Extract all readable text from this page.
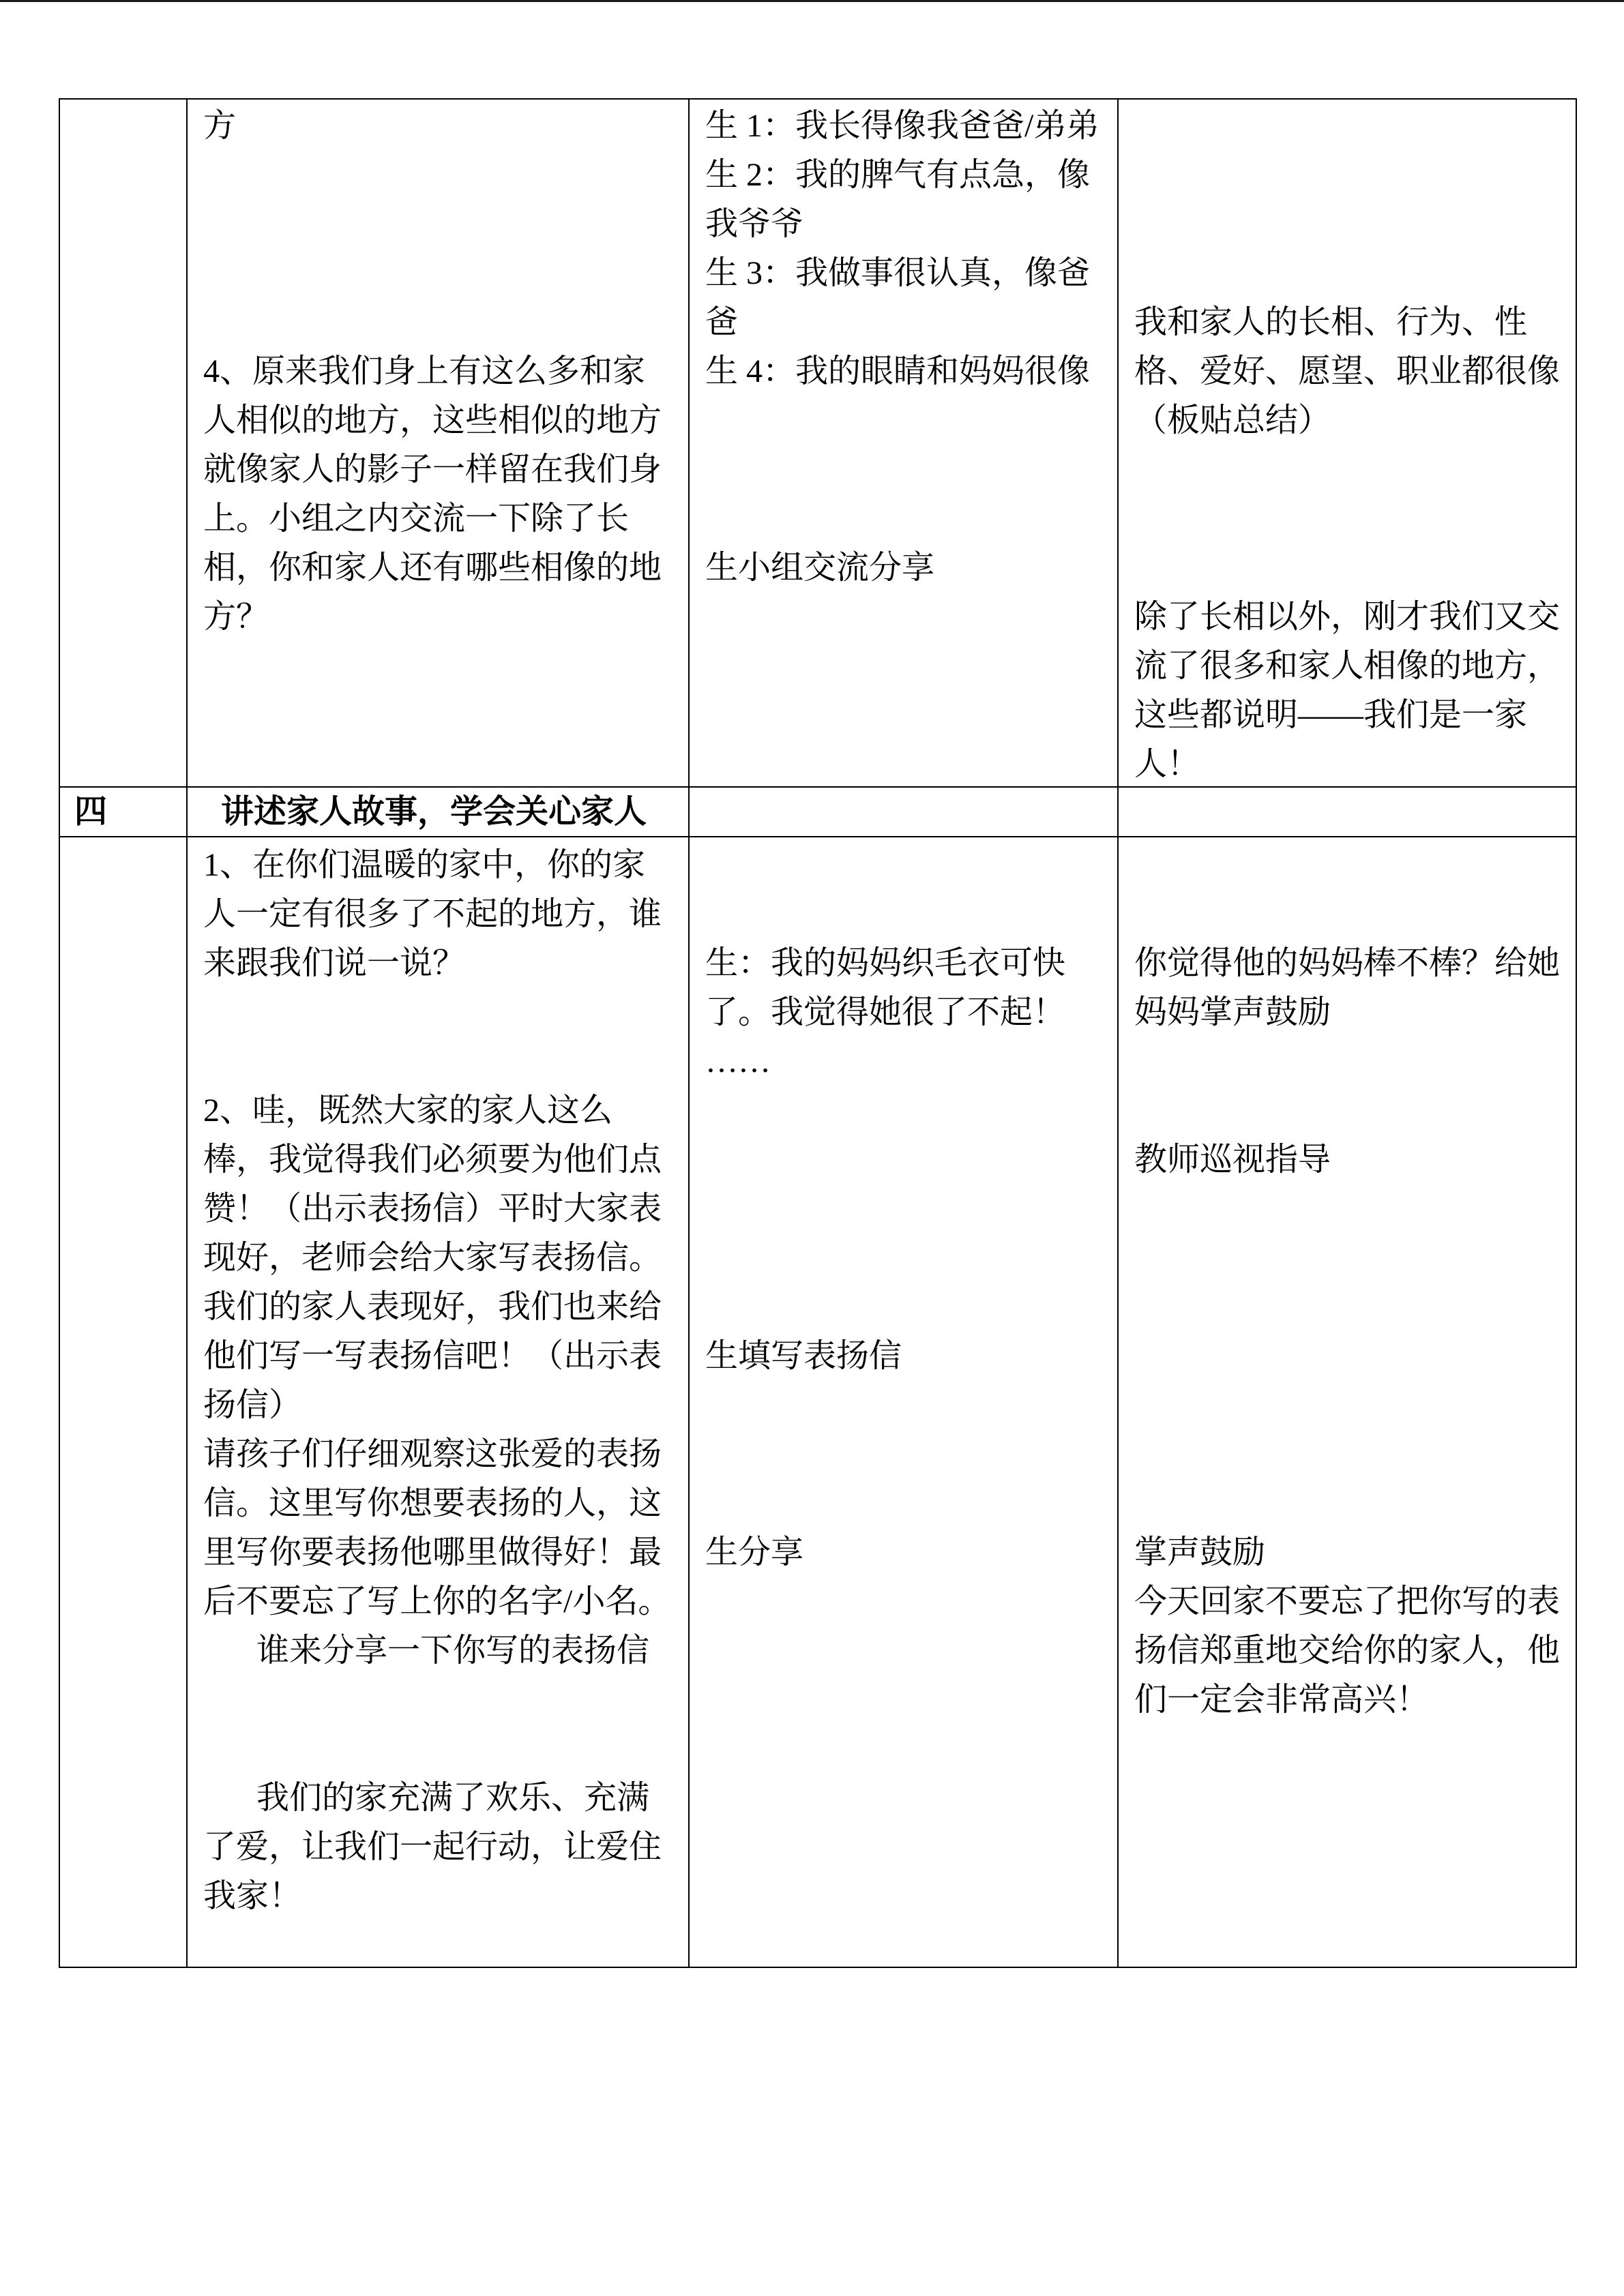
方
4、原来我们身上有这么多和家
人相似的地方，这些相似的地方
就像家人的影子一样留在我们身
上。小组之内交流一下除了长
相，你和家人还有哪些相像的地
方？
生 1：我长得像我爸爸/弟弟
生 2：我的脾气有点急，像
我爷爷
生 3：我做事很认真，像爸
爸
生 4：我的眼睛和妈妈很像
生小组交流分享
我和家人的长相、行为、性
格、爱好、愿望、职业都很像
（板贴总结）
除了长相以外，刚才我们又交
流了很多和家人相像的地方，
这些都说明——我们是一家
人！
四	讲述家人故事，学会关心家人
1、在你们温暖的家中，你的家
人一定有很多了不起的地方，谁
来跟我们说一说？
2、哇，既然大家的家人这么
棒，我觉得我们必须要为他们点
赞！（出示表扬信）平时大家表
现好，老师会给大家写表扬信。
我们的家人表现好，我们也来给
他们写一写表扬信吧！（出示表
扬信）
请孩子们仔细观察这张爱的表扬
信。这里写你想要表扬的人，这
里写你要表扬他哪里做得好！最
后不要忘了写上你的名字/小名。
谁来分享一下你写的表扬信
我们的家充满了欢乐、充满
了爱，让我们一起行动，让爱住
我家！
生：我的妈妈织毛衣可快
了。我觉得她很了不起！
……
生填写表扬信
生分享
你觉得他的妈妈棒不棒？给她
妈妈掌声鼓励
教师巡视指导
掌声鼓励
今天回家不要忘了把你写的表
扬信郑重地交给你的家人，他
们一定会非常高兴！
